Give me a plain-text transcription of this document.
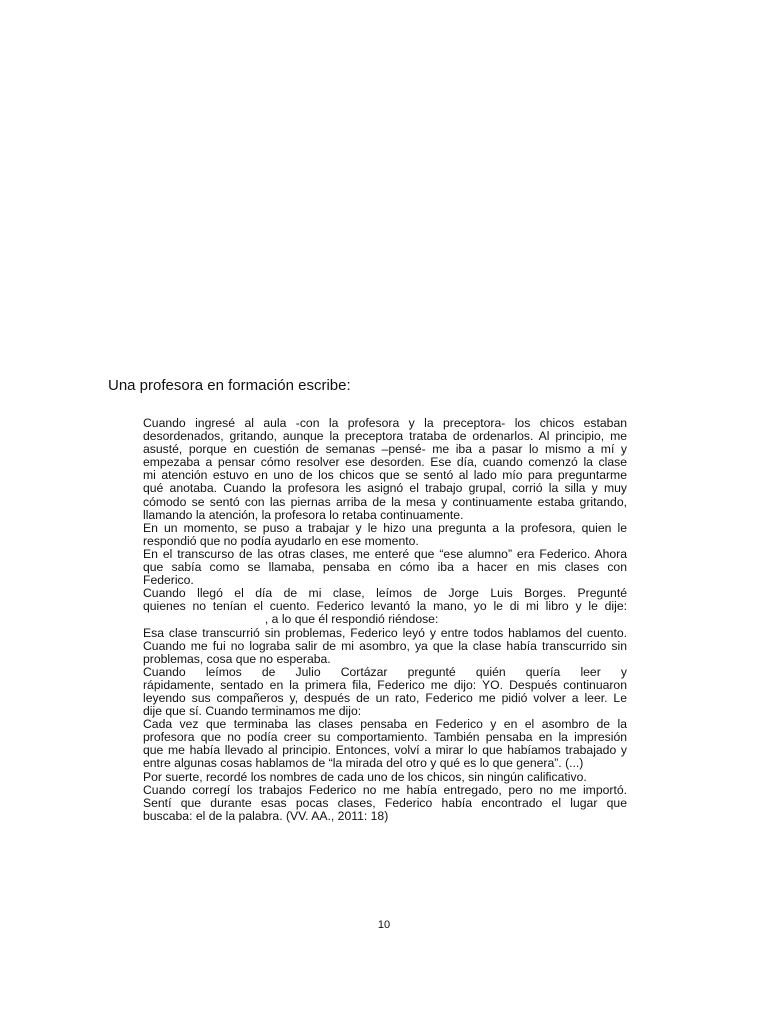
Una profesora en formación escribe:
Cuando ingresé al aula -con la profesora y la preceptora- los chicos estaban
desordenados, gritando, aunque la preceptora trataba de ordenarlos. Al principio, me
asusté, porque en cuestión de semanas –pensé- me iba a pasar lo mismo a mí y
empezaba a pensar cómo resolver ese desorden. Ese día, cuando comenzó la clase
mi atención estuvo en uno de los chicos que se sentó al lado mío para preguntarme
qué anotaba. Cuando la profesora les asignó el trabajo grupal, corrió la silla y muy
cómodo se sentó con las piernas arriba de la mesa y continuamente estaba gritando,
llamando la atención, la profesora lo retaba continuamente.
En un momento, se puso a trabajar y le hizo una pregunta a la profesora, quien le
respondió que no podía ayudarlo en ese momento.
En el transcurso de las otras clases, me enteré que “ese alumno” era Federico. Ahora
que sabía como se llamaba, pensaba en cómo iba a hacer en mis clases con
Federico.
Cuando llegó el día de mi clase, leímos de Jorge Luis Borges. Pregunté
quienes no tenían el cuento. Federico levantó la mano, yo le di mi libro y le dije:
, a lo que él respondió riéndose:
Esa clase transcurrió sin problemas, Federico leyó y entre todos hablamos del cuento.
Cuando me fui no lograba salir de mi asombro, ya que la clase había transcurrido sin
problemas, cosa que no esperaba.
Cuando leímos de Julio Cortázar pregunté quién quería leer y
rápidamente, sentado en la primera fila, Federico me dijo: YO. Después continuaron
leyendo sus compañeros y, después de un rato, Federico me pidió volver a leer. Le
dije que sí. Cuando terminamos me dijo:
Cada vez que terminaba las clases pensaba en Federico y en el asombro de la
profesora que no podía creer su comportamiento. También pensaba en la impresión
que me había llevado al principio. Entonces, volví a mirar lo que habíamos trabajado y
entre algunas cosas hablamos de “la mirada del otro y qué es lo que genera”. (...)
Por suerte, recordé los nombres de cada uno de los chicos, sin ningún calificativo.
Cuando corregí los trabajos Federico no me había entregado, pero no me importó.
Sentí que durante esas pocas clases, Federico había encontrado el lugar que
buscaba: el de la palabra. (VV. AA., 2011: 18)
10
